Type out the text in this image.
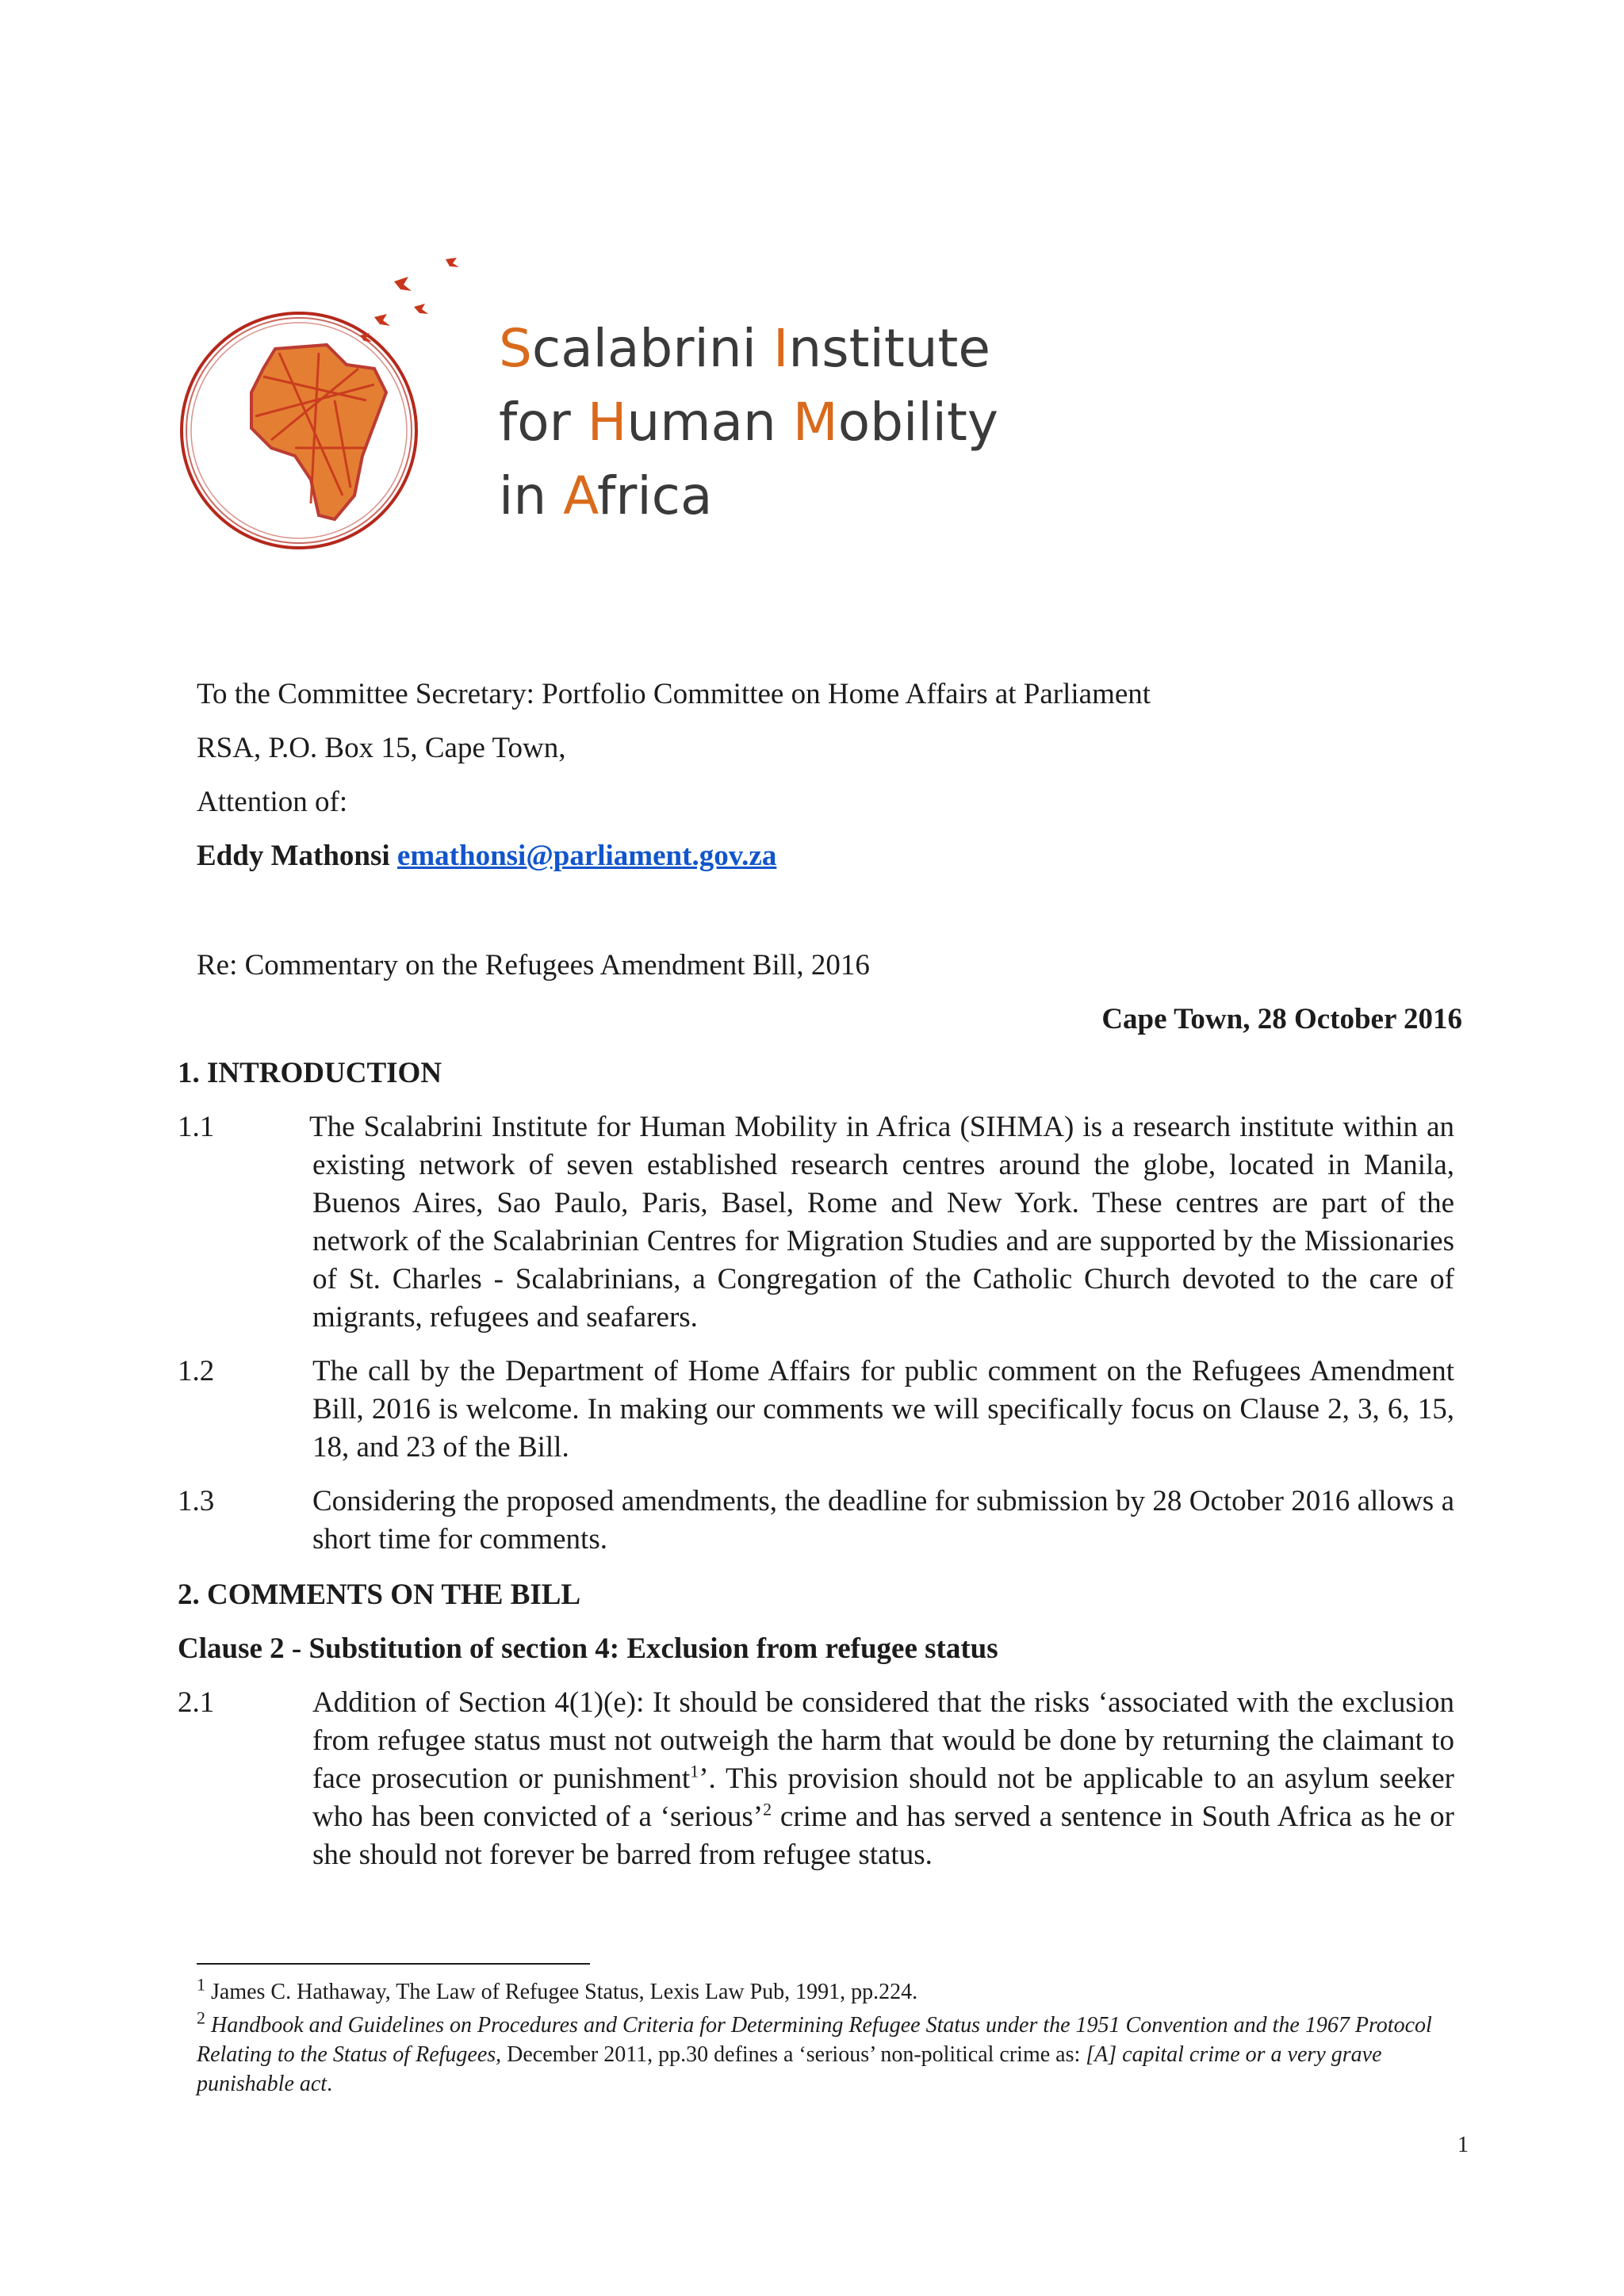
Scalabrini Institute
for Human Mobility
in Africa
To the Committee Secretary: Portfolio Committee on Home Affairs at Parliament
RSA, P.O. Box 15, Cape Town,
Attention of:
Eddy Mathonsi emathonsi@parliament.gov.za
Re: Commentary on the Refugees Amendment Bill, 2016
Cape Town, 28 October 2016
1. INTRODUCTION
1.1	The Scalabrini Institute for Human Mobility in Africa (SIHMA) is a research institute within an existing network of seven established research centres around the globe, located in Manila, Buenos Aires, Sao Paulo, Paris, Basel, Rome and New York. These centres are part of the network of the Scalabrinian Centres for Migration Studies and are supported by the Missionaries of St. Charles - Scalabrinians, a Congregation of the Catholic Church devoted to the care of migrants, refugees and seafarers.
1.2	The call by the Department of Home Affairs for public comment on the Refugees Amendment Bill, 2016 is welcome. In making our comments we will specifically focus on Clause 2, 3, 6, 15, 18, and 23 of the Bill.
1.3	Considering the proposed amendments, the deadline for submission by 28 October 2016 allows a short time for comments.
2. COMMENTS ON THE BILL
Clause 2 - Substitution of section 4: Exclusion from refugee status
2.1	Addition of Section 4(1)(e): It should be considered that the risks ‘associated with the exclusion from refugee status must not outweigh the harm that would be done by returning the claimant to face prosecution or punishment$^1$’. This provision should not be applicable to an asylum seeker who has been convicted of a ‘serious’$^2$ crime and has served a sentence in South Africa as he or she should not forever be barred from refugee status.
$^1$ James C. Hathaway, The Law of Refugee Status, Lexis Law Pub, 1991, pp.224.
$^2$ Handbook and Guidelines on Procedures and Criteria for Determining Refugee Status under the 1951 Convention and the 1967 Protocol Relating to the Status of Refugees, December 2011, pp.30 defines a ‘serious’ non-political crime as: [A] capital crime or a very grave punishable act.
1
